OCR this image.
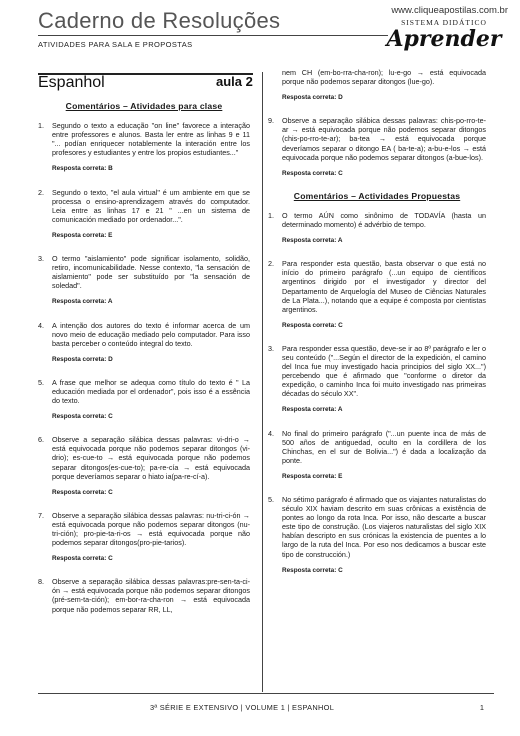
www.cliqueapostilas.com.br
Caderno de Resoluções
ATIVIDADES PARA SALA E PROPOSTAS
SISTEMA DIDÁTICO
Aprender
Espanhol	aula 2
Comentários – Atividades para clase
1. Segundo o texto a educação "on line" favorece a interação entre professores e alunos. Basta ler entre as linhas 9 e 11 "... podían enriquecer notablemente la interación entre los profesores y estudiantes y entre los propios estudiantes..."
Resposta correta: B
2. Segundo o texto, "el aula virtual" é um ambiente em que se processa o ensino-aprendizagem através do computador. Leia entre as linhas 17 e 21 " ...en un sistema de comunicación mediado por ordenador...".
Resposta correta: E
3. O termo "aislamiento" pode significar isolamento, solidão, retiro, incomunicabilidade. Nesse contexto, "la sensación de aislamiento" pode ser substituído por "la sensación de soledad".
Resposta correta: A
4. A intenção dos autores do texto é informar acerca de um novo meio de educação mediado pelo computador. Para isso basta perceber o conteúdo integral do texto.
Resposta correta: D
5. A frase que melhor se adequa como título do texto é " La educación mediada por el ordenador", pois isso é a essência do texto.
Resposta correta: C
6. Observe a separação silábica dessas palavras: vi-dri-o → está equivocada porque não podemos separar ditongos (vi-drio); es-cue-to → está equivocada porque não podemos separar ditongos(es-cue-to); pa-re-cía → está equivocada porque deveríamos separar o hiato ia(pa-re-cí-a).
Resposta correta: C
7. Observe a separação silábica dessas palavras: nu-tri-ci-ón → está equivocada porque não podemos separar ditongos (nu-tri-ción); pro-pie-ta-ri-os → está equivocada porque não podemos separar ditongos(pro-pie-tarios).
Resposta correta: C
8. Observe a separação silábica dessas palavras:pre-sen-ta-ci-ón → está equivocada porque não podemos separar ditongos (pré-sem-ta-ción); em-bor-ra-cha-ron → está equivocada porque não podemos separar RR, LL,
nem CH (em-bo-rra-cha-ron); lu-e-go → está equivocada porque não podemos separar ditongos (lue-go).
Resposta correta: D
9. Observe a separação silábica dessas palavras: chis-po-rro-te-ar → está equivocada porque não podemos separar ditongos (chis-po-rro-te-ar); ba-tea → está equivocada porque deveríamos separar o ditongo EA ( ba-te-a); a-bu-e-los → está equivocada porque não podemos separar ditongos (a-bue-los).
Resposta correta: C
Comentários – Actividades Propuestas
1. O termo AÚN como sinônimo de TODAVÍA (hasta un determinado momento) é advérbio de tempo.
Resposta correta: A
2. Para responder esta questão, basta observar o que está no início do primeiro parágrafo (...un equipo de científicos argentinos dirigido por el investigador y director del Departamento de Arquelogía del Museo de Ciências Naturales de La Plata...), notando que a equipe é composta por cientistas argentinos.
Resposta correta: C
3. Para responder essa questão, deve-se ir ao 8º parágrafo e ler o seu conteúdo ("...Según el director de la expedición, el camino del Inca fue muy investigado hacia principios del siglo XX...") percebendo que é afirmado que "conforme o diretor da expedição, o caminho Inca foi muito investigado nas primeiras décadas do século XX".
Resposta correta: A
4. No final do primeiro parágrafo ("...un puente inca de más de 500 años de antiguedad, oculto en la cordillera de los Chinchas, en el sur de Bolivia...") é dada a localização da ponte.
Resposta correta: E
5. No sétimo parágrafo é afirmado que os viajantes naturalistas do século XIX haviam descrito em suas crônicas a existência de pontes ao longo da rota Inca. Por isso, não descarte a buscar este tipo de construção. (Los viajeros naturalistas del siglo XIX habían descripto en sus crónicas la existencia de puentes a lo largo de la ruta del Inca. Por eso nos dedicamos a buscar este tipo de construcción.)
Resposta correta: C
3ª SÉRIE E EXTENSIVO | VOLUME 1 | ESPANHOL	1
